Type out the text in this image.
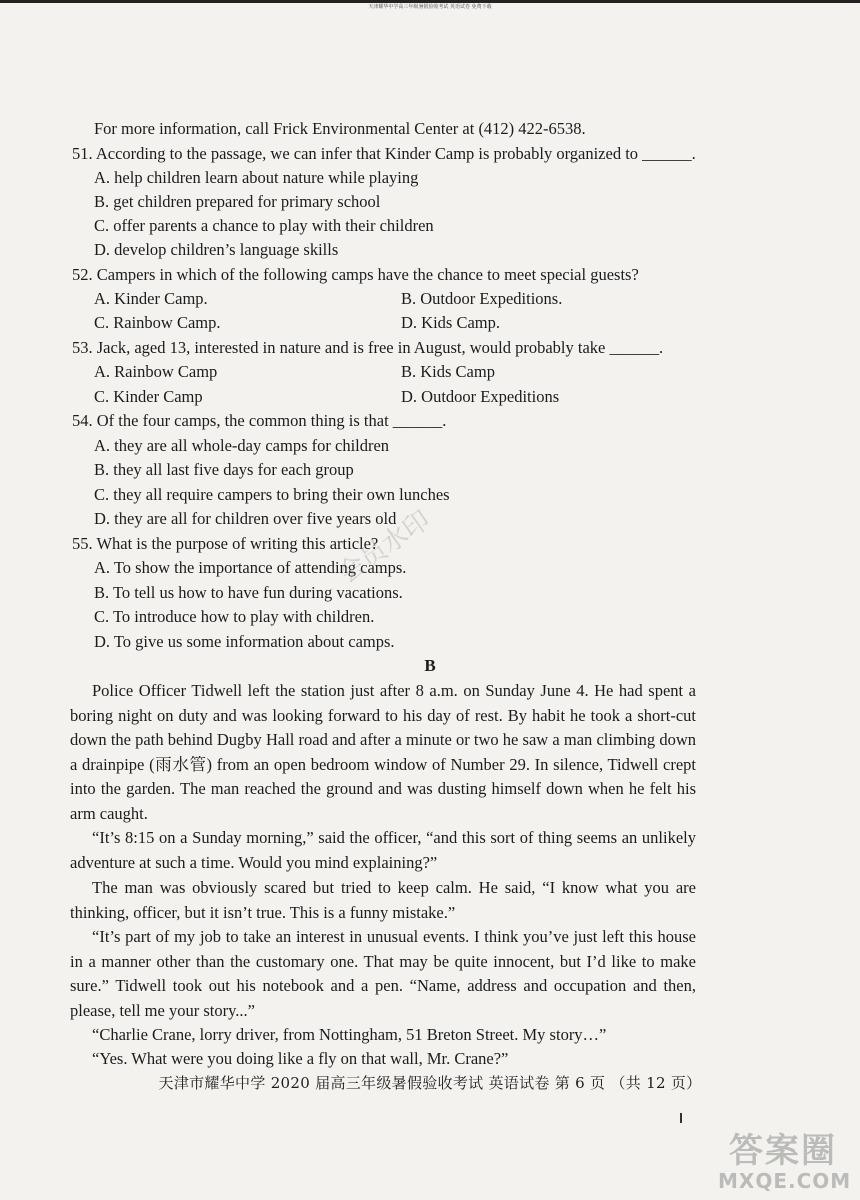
天津耀华中学高三年级暑假验收考试 英语试卷 免费下载
For more information, call Frick Environmental Center at (412) 422-6538.
51. According to the passage, we can infer that Kinder Camp is probably organized to ______.
A. help children learn about nature while playing
B. get children prepared for primary school
C. offer parents a chance to play with their children
D. develop children’s language skills
52. Campers in which of the following camps have the chance to meet special guests?
A. Kinder Camp.	B. Outdoor Expeditions.
C. Rainbow Camp.	D. Kids Camp.
53. Jack, aged 13, interested in nature and is free in August, would probably take ______.
A. Rainbow Camp	B. Kids Camp
C. Kinder Camp	D. Outdoor Expeditions
54. Of the four camps, the common thing is that ______.
A. they are all whole-day camps for children
B. they all last five days for each group
C. they all require campers to bring their own lunches
D. they are all for children over five years old
55. What is the purpose of writing this article?
A. To show the importance of attending camps.
B. To tell us how to have fun during vacations.
C. To introduce how to play with children.
D. To give us some information about camps.
B
Police Officer Tidwell left the station just after 8 a.m. on Sunday June 4. He had spent a boring night on duty and was looking forward to his day of rest. By habit he took a short-cut down the path behind Dugby Hall road and after a minute or two he saw a man climbing down a drainpipe (雨水管) from an open bedroom window of Number 29. In silence, Tidwell crept into the garden. The man reached the ground and was dusting himself down when he felt his arm caught.
“It’s 8:15 on a Sunday morning,” said the officer, “and this sort of thing seems an unlikely adventure at such a time. Would you mind explaining?”
The man was obviously scared but tried to keep calm. He said, “I know what you are thinking, officer, but it isn’t true. This is a funny mistake.”
“It’s part of my job to take an interest in unusual events. I think you’ve just left this house in a manner other than the customary one. That may be quite innocent, but I’d like to make sure.” Tidwell took out his notebook and a pen. “Name, address and occupation and then, please, tell me your story...”
“Charlie Crane, lorry driver, from Nottingham, 51 Breton Street. My story…”
“Yes. What were you doing like a fly on that wall, Mr. Crane?”
天津市耀华中学 2020 届高三年级暑假验收考试 英语试卷 第 6 页 （共 12 页）
会员水印
答案圈
MXQE.COM
